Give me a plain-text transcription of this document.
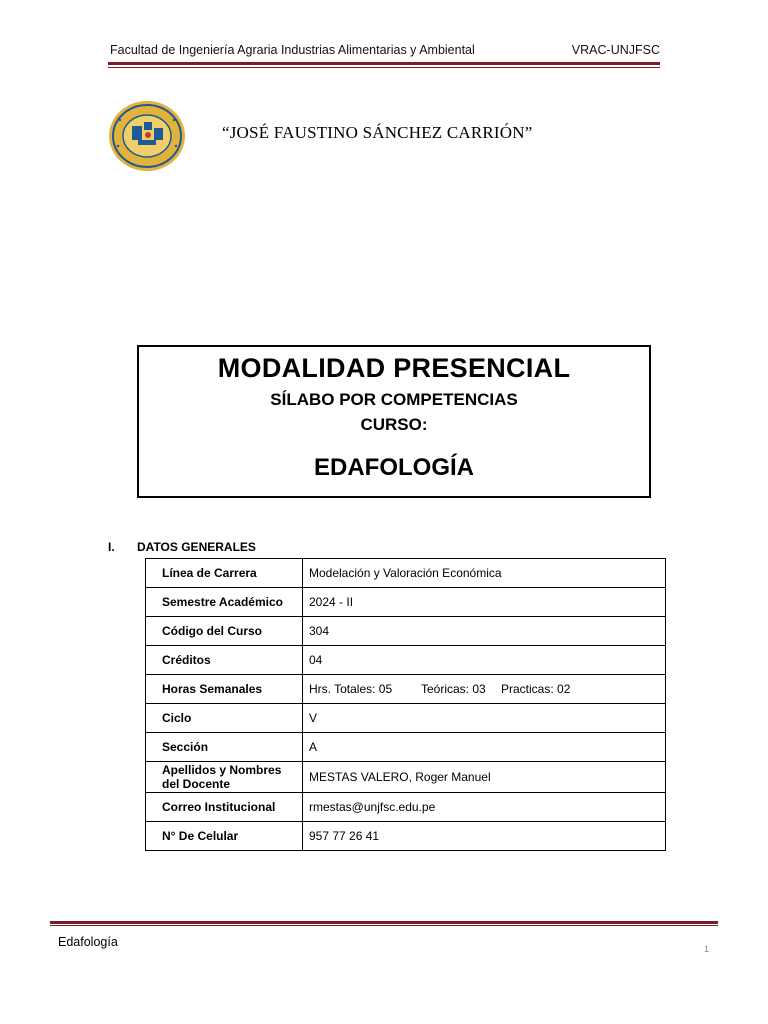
Facultad de Ingeniería Agraria Industrias Alimentarias y Ambiental	VRAC-UNJFSC
“JOSÉ FAUSTINO SÁNCHEZ CARRIÓN”
MODALIDAD PRESENCIAL
SÍLABO POR COMPETENCIAS
CURSO:
EDAFOLOGÍA
I. DATOS GENERALES
Línea de Carrera	Modelación y Valoración Económica
Semestre Académico	2024 - II
Código del Curso	304
Créditos	04
Horas Semanales	Hrs. Totales: 05 Teóricas: 03 Practicas: 02
Ciclo	V
Sección	A
Apellidos y Nombres del Docente	MESTAS VALERO, Roger Manuel
Correo Institucional	rmestas@unjfsc.edu.pe
N° De Celular	957 77 26 41
Edafología	1
